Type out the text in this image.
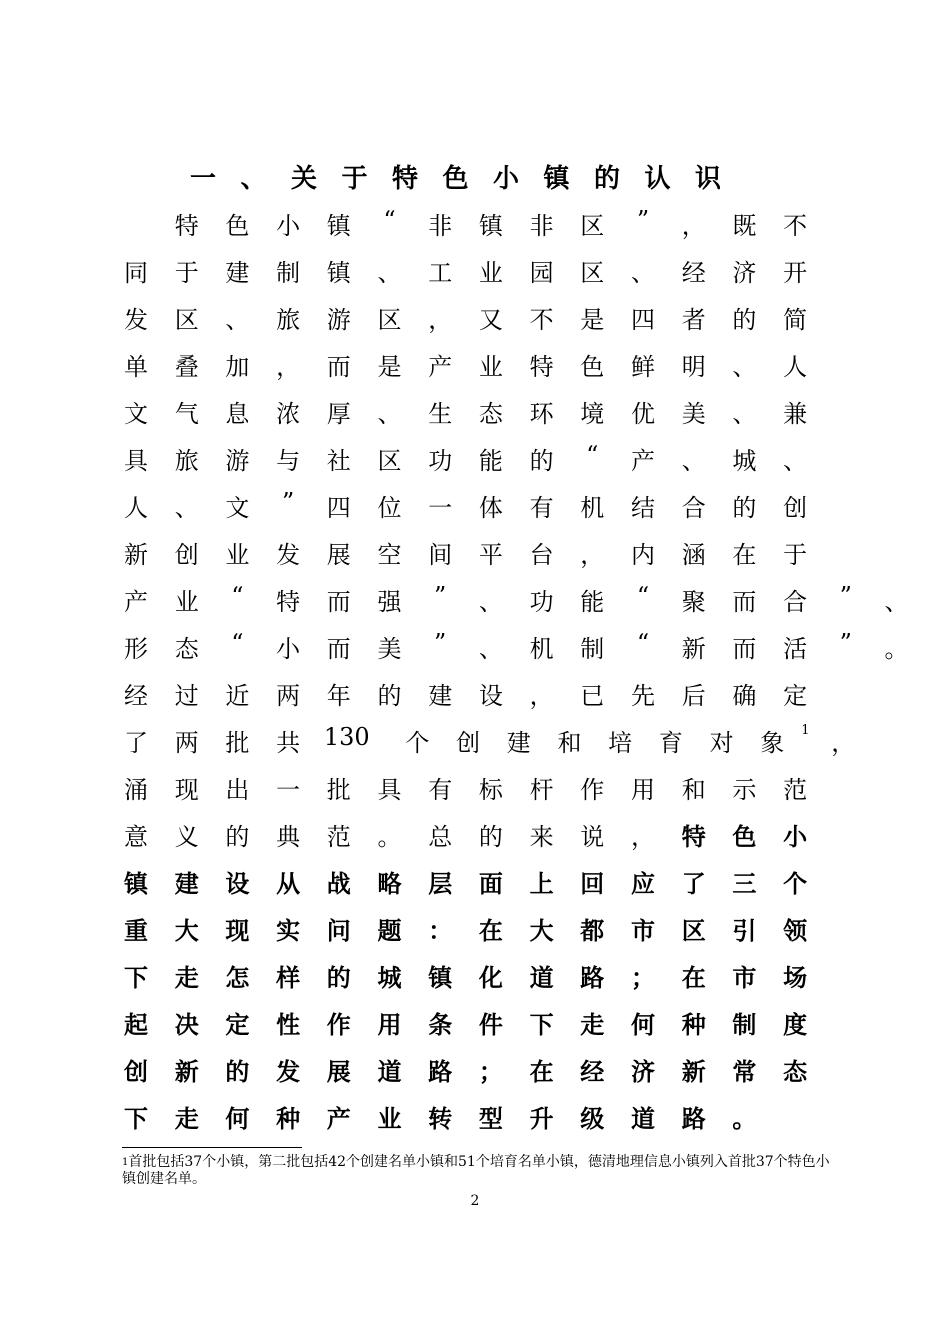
一 、 关 于 特 色 小 镇 的 认 识
特	色	小	镇	“	非	镇	非	区	”	，	既	不
同	于	建	制	镇	、	工	业	园	区	、	经	济	开
发	区	、	旅	游	区	，	又	不	是	四	者	的	简
单	叠	加	，	而	是	产	业	特	色	鲜	明	、	人
文	气	息	浓	厚	、	生	态	环	境	优	美	、	兼
具	旅	游	与	社	区	功	能	的	“	产	、	城	、
人	、	文	”	四	位	一	体	有	机	结	合	的	创
新	创	业	发	展	空	间	平	台	，	内	涵	在	于
产	业	“	特	而	强	”	、	功	能	“	聚	而	合	”	、
形	态	“	小	而	美	”	、	机	制	“	新	而	活	”	。
经	过	近	两	年	的	建	设	，	已	先	后	确	定
了	两	批	共 130	个	创	建	和	培	育	对	象	$^1$ ，
涌	现	出	一	批	具	有	标	杆	作	用	和	示	范
意	义	的	典	范	。	总	的	来	说	，	特	色	小
镇	建	设	从	战	略	层	面	上	回	应	了	三	个
重	大	现	实	问	题	：	在	大	都	市	区	引	领
下	走	怎	样	的	城	镇	化	道	路	；	在	市	场
起	决	定	性	作	用	条	件	下	走	何	种	制	度
创	新	的	发	展	道	路	；	在	经	济	新	常	态
下	走	何	种	产	业	转	型	升	级	道	路	。
$^1$首批包括37个小镇，第二批包括42个创建名单小镇和51个培育名单小镇，德清地理信息小镇列入首批37个特色小镇创建名单。
2
